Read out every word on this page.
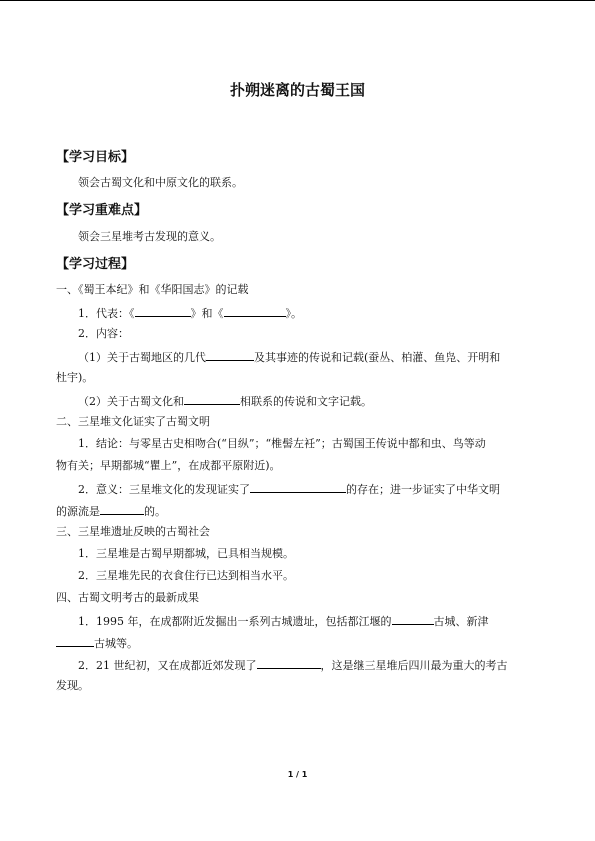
扑朔迷离的古蜀王国
【学习目标】
领会古蜀文化和中原文化的联系。
【学习重难点】
领会三星堆考古发现的意义。
【学习过程】
一、《蜀王本纪》和《华阳国志》的记载
1．代表：《	》和《	》。
2．内容：
（1）关于古蜀地区的几代	及其事迹的传说和记载(蚕丛、柏灌、鱼凫、开明和
杜宇)。
（2）关于古蜀文化和	相联系的传说和文字记载。
二、三星堆文化证实了古蜀文明
1．结论：与零星古史相吻合(“目纵”；“椎髻左衽”；古蜀国王传说中都和虫、鸟等动
物有关；早期都城“瞿上”，在成都平原附近)。
2．意义：三星堆文化的发现证实了	的存在；进一步证实了中华文明
的源流是	的。
三、三星堆遗址反映的古蜀社会
1．三星堆是古蜀早期都城，已具相当规模。
2．三星堆先民的衣食住行已达到相当水平。
四、古蜀文明考古的最新成果
1．1995 年，在成都附近发掘出一系列古城遗址，包括都江堰的	古城、新津
古城等。
2．21 世纪初，又在成都近郊发现了	，这是继三星堆后四川最为重大的考古
发现。
1 / 1
